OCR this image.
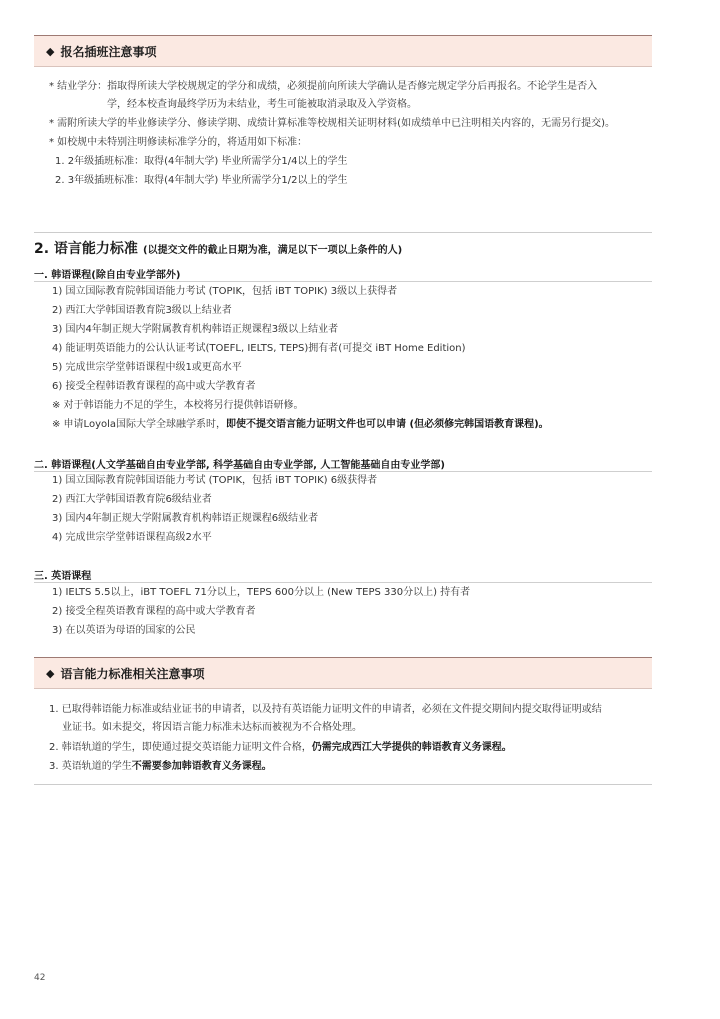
◆ 报名插班注意事项
* 结业学分：指取得所读大学校规规定的学分和成绩，必须提前向所读大学确认是否修完规定学分后再报名。不论学生是否入
学，经本校查询最终学历为未结业，考生可能被取消录取及入学资格。
* 需附所读大学的毕业修读学分、修读学期、成绩计算标准等校规相关证明材料(如成绩单中已注明相关内容的，无需另行提交)。
* 如校规中未特别注明修读标准学分的，将适用如下标准：
1. 2年级插班标准：取得(4年制大学) 毕业所需学分1/4以上的学生
2. 3年级插班标准：取得(4年制大学) 毕业所需学分1/2以上的学生
2. 语言能力标准 (以提交文件的截止日期为准，满足以下一项以上条件的人)
一. 韩语课程(除自由专业学部外)
1) 国立国际教育院韩国语能力考试 (TOPIK，包括 iBT TOPIK) 3级以上获得者
2) 西江大学韩国语教育院3级以上结业者
3) 国内4年制正规大学附属教育机构韩语正规课程3级以上结业者
4) 能证明英语能力的公认认证考试(TOEFL, IELTS, TEPS)拥有者(可提交 iBT Home Edition)
5) 完成世宗学堂韩语课程中级1或更高水平
6) 接受全程韩语教育课程的高中或大学教育者
※ 对于韩语能力不足的学生，本校将另行提供韩语研修。
※ 申请Loyola国际大学全球融学系时，即使不提交语言能力证明文件也可以申请 (但必须修完韩国语教育课程)。
二. 韩语课程(人文学基础自由专业学部, 科学基础自由专业学部, 人工智能基础自由专业学部)
1) 国立国际教育院韩国语能力考试 (TOPIK，包括 iBT TOPIK) 6级获得者
2) 西江大学韩国语教育院6级结业者
3) 国内4年制正规大学附属教育机构韩语正规课程6级结业者
4) 完成世宗学堂韩语课程高级2水平
三. 英语课程
1) IELTS 5.5以上，iBT TOEFL 71分以上，TEPS 600分以上 (New TEPS 330分以上) 持有者
2) 接受全程英语教育课程的高中或大学教育者
3) 在以英语为母语的国家的公民
◆ 语言能力标准相关注意事项
1. 已取得韩语能力标准或结业证书的申请者，以及持有英语能力证明文件的申请者，必须在文件提交期间内提交取得证明或结
业证书。如未提交，将因语言能力标准未达标而被视为不合格处理。
2. 韩语轨道的学生，即使通过提交英语能力证明文件合格，仍需完成西江大学提供的韩语教育义务课程。
3. 英语轨道的学生不需要参加韩语教育义务课程。
42
